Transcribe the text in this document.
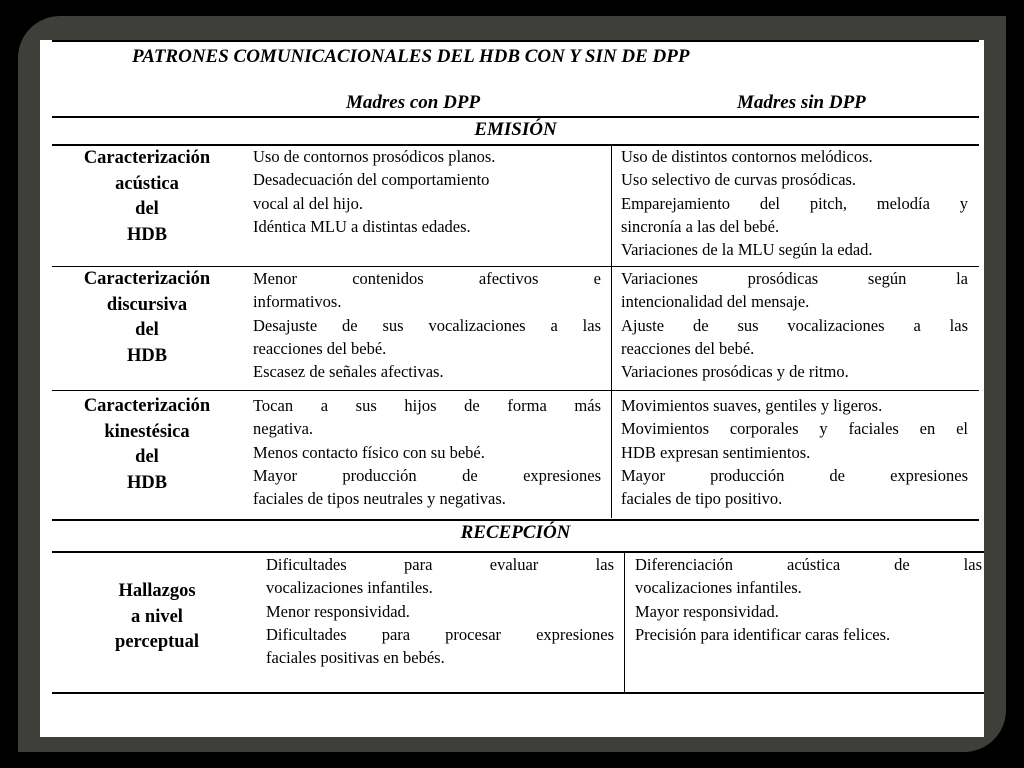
PATRONES COMUNICACIONALES DEL HDB CON Y SIN DE DPP
Madres con DPP	Madres sin DPP
EMISIÓN
Caracterización
acústica
del
HDB
Uso de contornos prosódicos planos.
Desadecuación del comportamiento
vocal al del hijo.
Idéntica MLU a distintas edades.
Uso de distintos contornos melódicos.
Uso selectivo de curvas prosódicas.
Emparejamiento del pitch, melodía y
sincronía a las del bebé.
Variaciones de la MLU según la edad.
Caracterización
discursiva
del
HDB
Menor contenidos afectivos e
informativos.
Desajuste de sus vocalizaciones a las
reacciones del bebé.
Escasez de señales afectivas.
Variaciones prosódicas según la
intencionalidad del mensaje.
Ajuste de sus vocalizaciones a las
reacciones del bebé.
Variaciones prosódicas y de ritmo.
Caracterización
kinestésica
del
HDB
Tocan a sus hijos de forma más
negativa.
Menos contacto físico con su bebé.
Mayor producción de expresiones
faciales de tipos neutrales y negativas.
Movimientos suaves, gentiles y ligeros.
Movimientos corporales y faciales en el
HDB expresan sentimientos.
Mayor producción de expresiones
faciales de tipo positivo.
RECEPCIÓN
Hallazgos
a nivel
perceptual
Dificultades para evaluar las
vocalizaciones infantiles.
Menor responsividad.
Dificultades para procesar expresiones
faciales positivas en bebés.
Diferenciación acústica de las
vocalizaciones infantiles.
Mayor responsividad.
Precisión para identificar caras felices.
